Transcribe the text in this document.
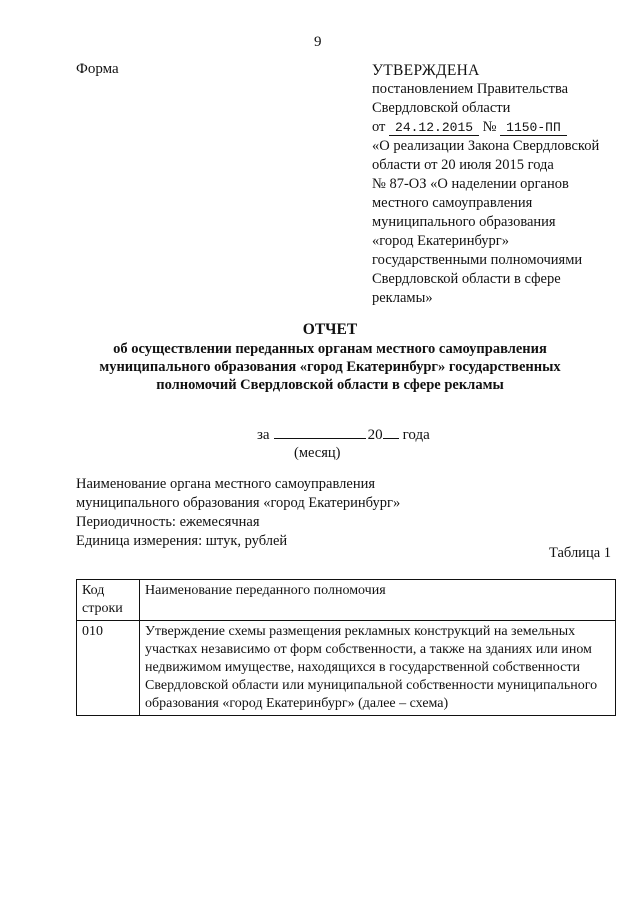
9
Форма	УТВЕРЖДЕНА
постановлением Правительства
Свердловской области
от 24.12.2015 № 1150-ПП
«О реализации Закона Свердловской
области от 20 июля 2015 года
№ 87-ОЗ «О наделении органов
местного самоуправления
муниципального образования
«город Екатеринбург»
государственными полномочиями
Свердловской области в сфере
рекламы»
ОТЧЕТ
об осуществлении переданных органам местного самоуправления
муниципального образования «город Екатеринбург» государственных
полномочий Свердловской области в сфере рекламы
за	20 года
(месяц)
Наименование органа местного самоуправления
муниципального образования «город Екатеринбург»
Периодичность: ежемесячная
Единица измерения: штук, рублей
Таблица 1
Код строки	Наименование переданного полномочия
010	Утверждение схемы размещения рекламных конструкций на земельных участках независимо от форм собственности, а также на зданиях или ином недвижимом имуществе, находящихся в государственной собственности Свердловской области или муниципальной собственности муниципального образования «город Екатеринбург» (далее – схема)
